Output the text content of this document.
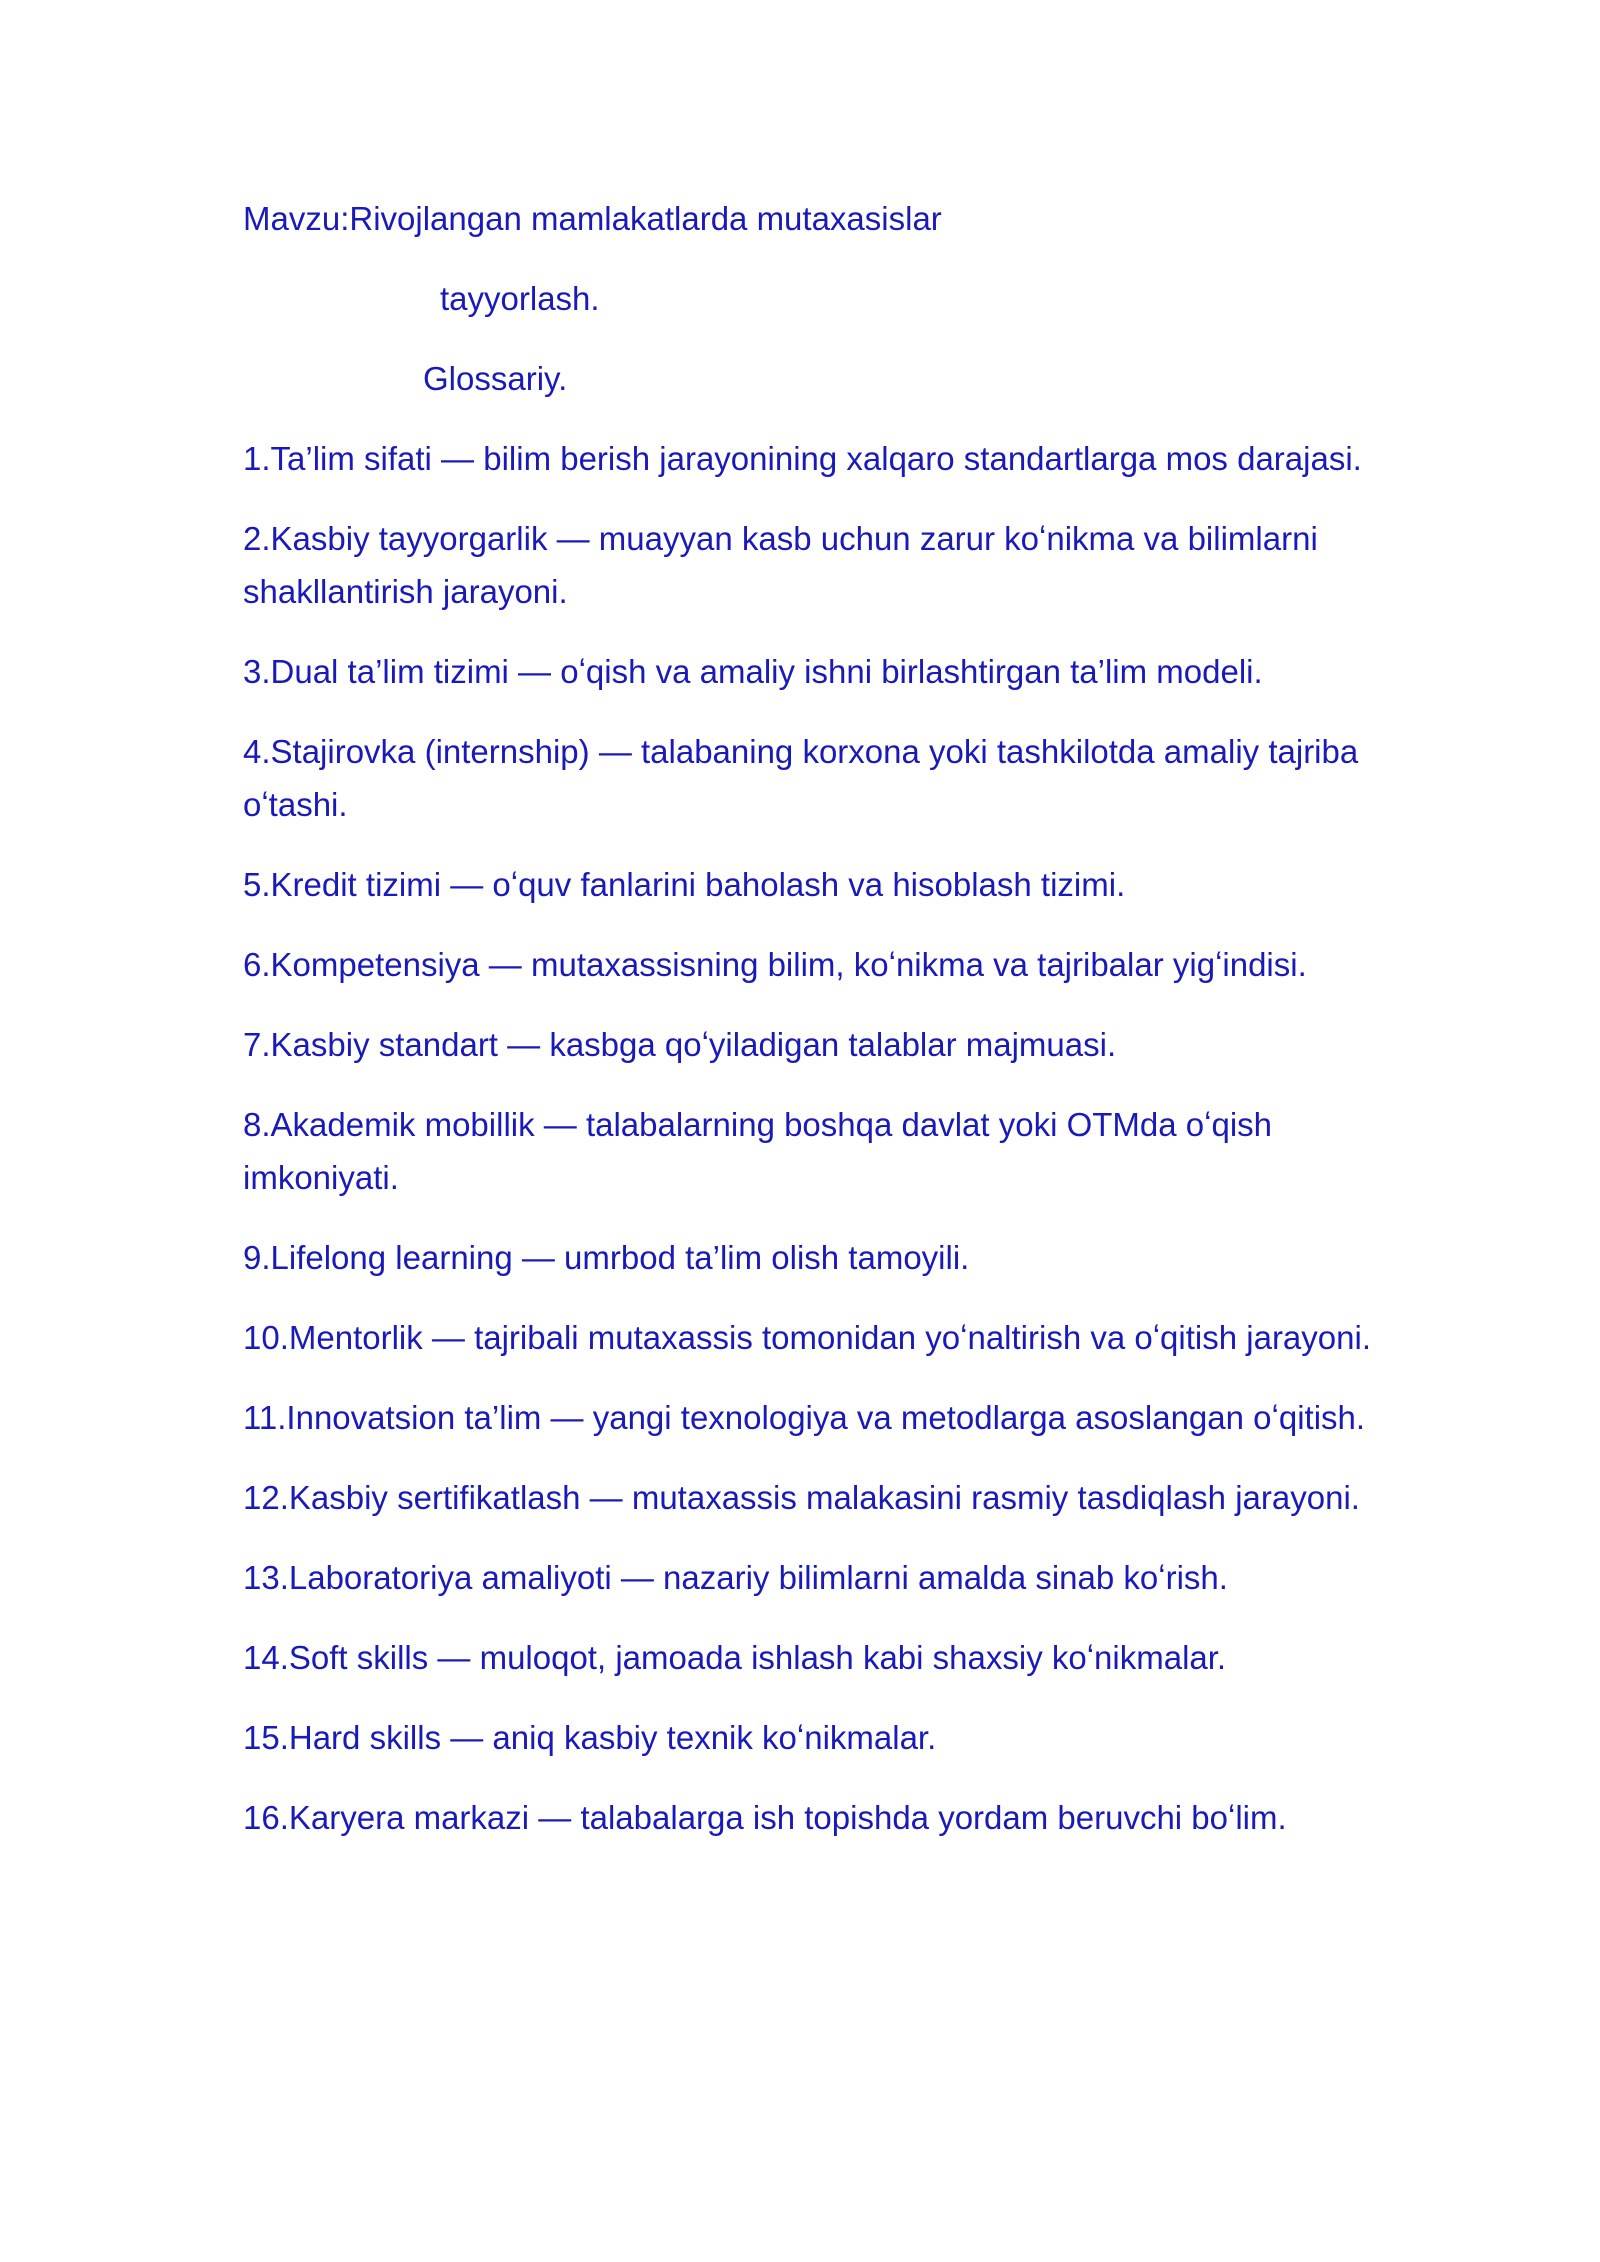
Mavzu:Rivojlangan mamlakatlarda mutaxasislar

tayyorlash.

Glossariy.

1.Ta’lim sifati — bilim berish jarayonining xalqaro standartlarga mos darajasi.
2.Kasbiy tayyorgarlik — muayyan kasb uchun zarur koʻnikma va bilimlarni shakllantirish jarayoni.
3.Dual ta’lim tizimi — oʻqish va amaliy ishni birlashtirgan ta’lim modeli.
4.Stajirovka (internship) — talabaning korxona yoki tashkilotda amaliy tajriba oʻtashi.
5.Kredit tizimi — oʻquv fanlarini baholash va hisoblash tizimi.
6.Kompetensiya — mutaxassisning bilim, koʻnikma va tajribalar yigʻindisi.
7.Kasbiy standart — kasbga qoʻyiladigan talablar majmuasi.
8.Akademik mobillik — talabalarning boshqa davlat yoki OTMda oʻqish imkoniyati.
9.Lifelong learning — umrbod ta’lim olish tamoyili.
10.Mentorlik — tajribali mutaxassis tomonidan yoʻnaltirish va oʻqitish jarayoni.
11.Innovatsion ta’lim — yangi texnologiya va metodlarga asoslangan oʻqitish.
12.Kasbiy sertifikatlash — mutaxassis malakasini rasmiy tasdiqlash jarayoni.
13.Laboratoriya amaliyoti — nazariy bilimlarni amalda sinab koʻrish.
14.Soft skills — muloqot, jamoada ishlash kabi shaxsiy koʻnikmalar.
15.Hard skills — aniq kasbiy texnik koʻnikmalar.
16.Karyera markazi — talabalarga ish topishda yordam beruvchi boʻlim.
